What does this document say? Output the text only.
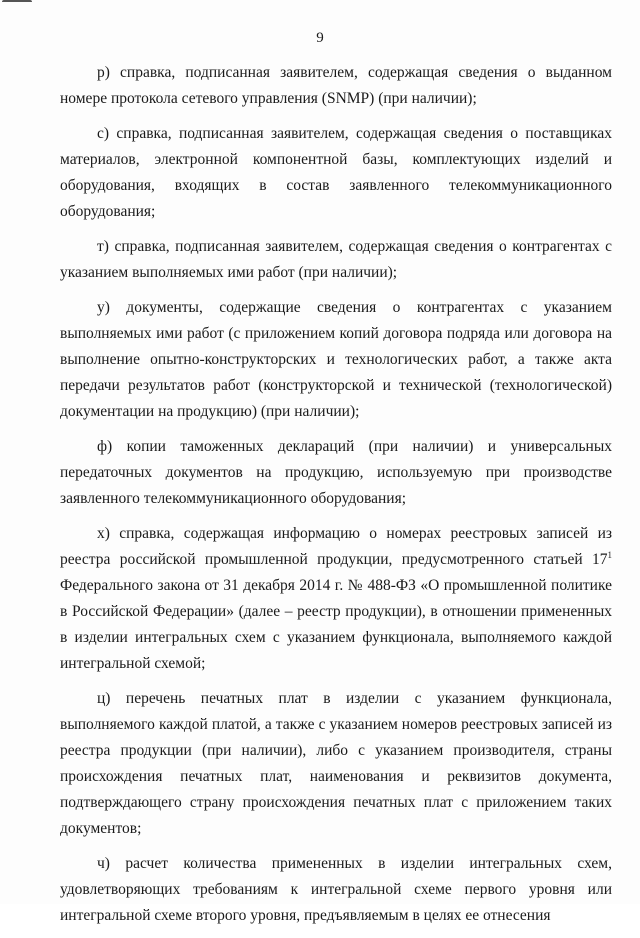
9

р) справка, подписанная заявителем, содержащая сведения о выданном номере протокола сетевого управления (SNMP) (при наличии);

с) справка, подписанная заявителем, содержащая сведения о поставщиках материалов, электронной компонентной базы, комплектующих изделий и оборудования, входящих в состав заявленного телекоммуникационного оборудования;

т) справка, подписанная заявителем, содержащая сведения о контрагентах с указанием выполняемых ими работ (при наличии);

у) документы, содержащие сведения о контрагентах с указанием выполняемых ими работ (с приложением копий договора подряда или договора на выполнение опытно-конструкторских и технологических работ, а также акта передачи результатов работ (конструкторской и технической (технологической) документации на продукцию) (при наличии);

ф) копии таможенных деклараций (при наличии) и универсальных передаточных документов на продукцию, используемую при производстве заявленного телекоммуникационного оборудования;

х) справка, содержащая информацию о номерах реестровых записей из реестра российской промышленной продукции, предусмотренного статьей $17^1$ Федерального закона от 31 декабря 2014 г. № 488-ФЗ «О промышленной политике в Российской Федерации» (далее – реестр продукции), в отношении примененных в изделии интегральных схем с указанием функционала, выполняемого каждой интегральной схемой;

ц) перечень печатных плат в изделии с указанием функционала, выполняемого каждой платой, а также с указанием номеров реестровых записей из реестра продукции (при наличии), либо с указанием производителя, страны происхождения печатных плат, наименования и реквизитов документа, подтверждающего страну происхождения печатных плат с приложением таких документов;

ч) расчет количества примененных в изделии интегральных схем, удовлетворяющих требованиям к интегральной схеме первого уровня или интегральной схеме второго уровня, предъявляемым в целях ее отнесения
